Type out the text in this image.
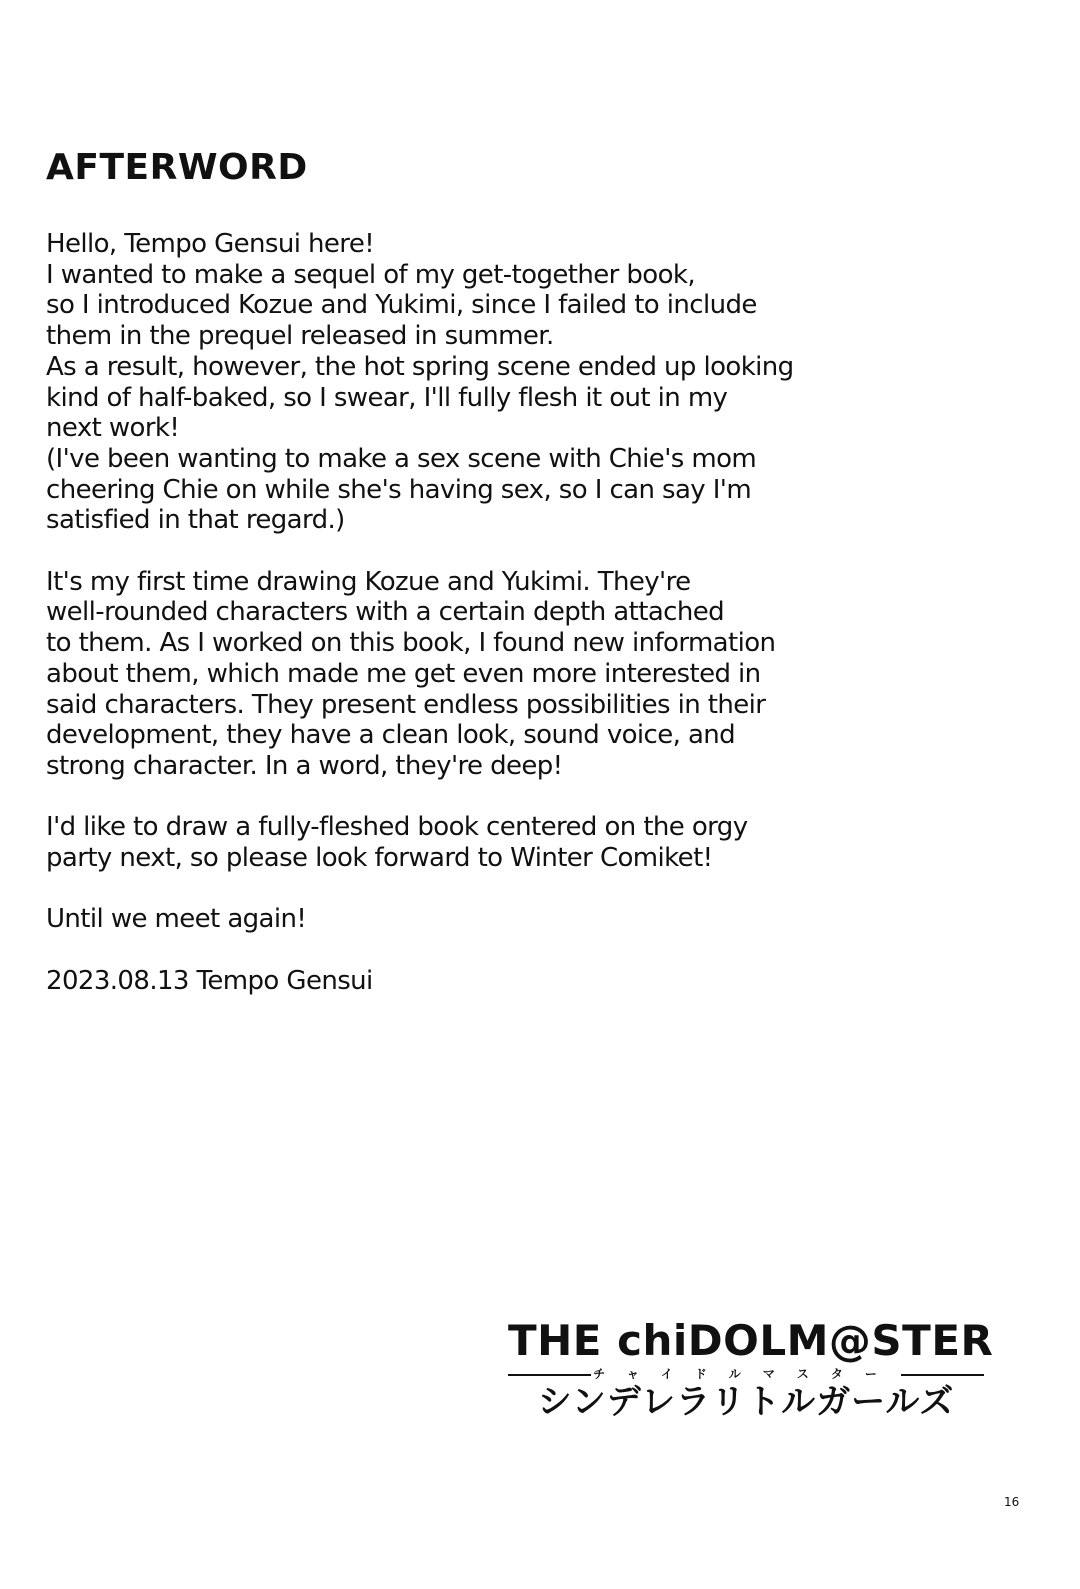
AFTERWORD
Hello, Tempo Gensui here!
I wanted to make a sequel of my get-together book,
so I introduced Kozue and Yukimi, since I failed to include
them in the prequel released in summer.
As a result, however, the hot spring scene ended up looking
kind of half-baked, so I swear, I'll fully flesh it out in my
next work!
(I've been wanting to make a sex scene with Chie's mom
cheering Chie on while she's having sex, so I can say I'm
satisfied in that regard.)
It's my first time drawing Kozue and Yukimi. They're
well-rounded characters with a certain depth attached
to them. As I worked on this book, I found new information
about them, which made me get even more interested in
said characters. They present endless possibilities in their
development, they have a clean look, sound voice, and
strong character. In a word, they're deep!
I'd like to draw a fully-fleshed book centered on the orgy
party next, so please look forward to Winter Comiket!
Until we meet again!
2023.08.13 Tempo Gensui
THE chiDOLM@STER
チャイドルマスター
シンデレラリトルガールズ
16
